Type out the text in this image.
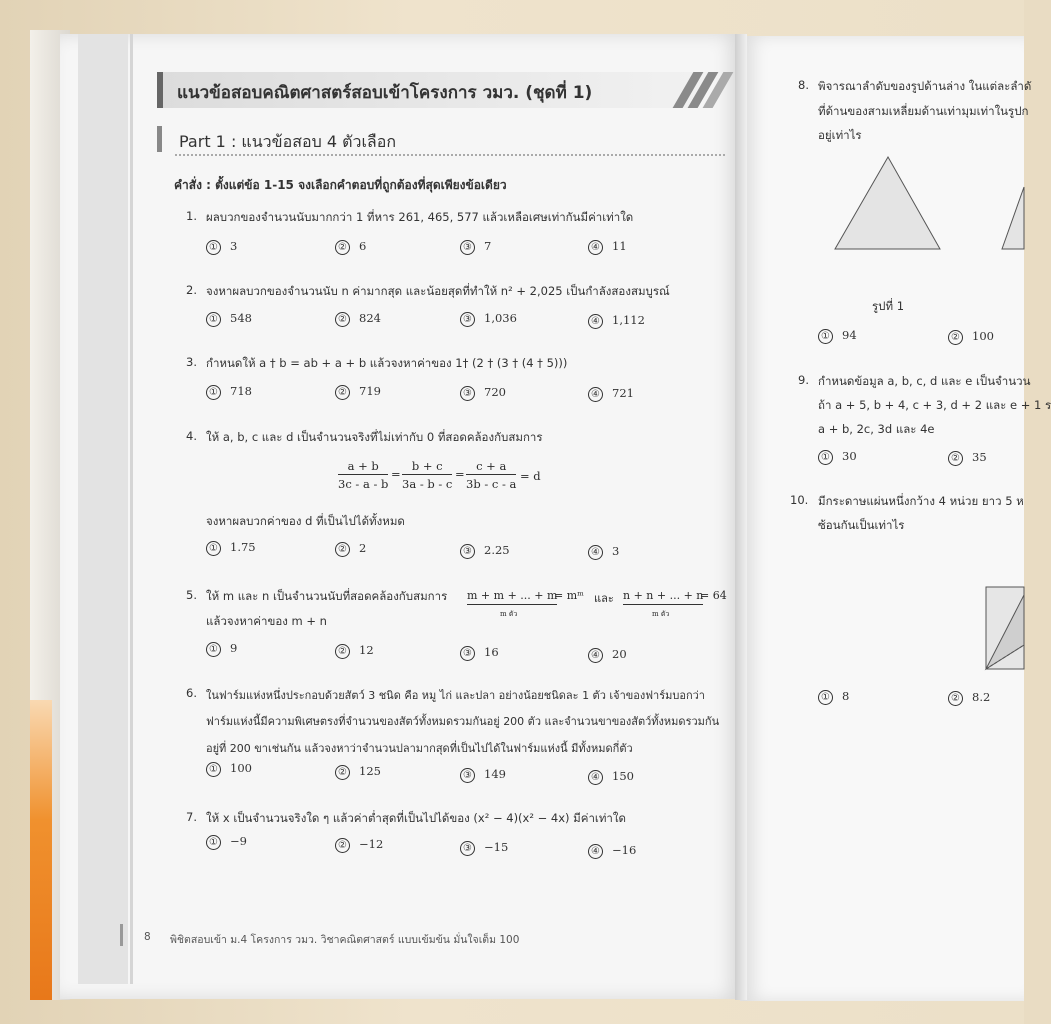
แนวข้อสอบคณิตศาสตร์สอบเข้าโครงการ วมว. (ชุดที่ 1)
Part 1 : แนวข้อสอบ 4 ตัวเลือก
คำสั่ง : ตั้งแต่ข้อ 1-15 จงเลือกคำตอบที่ถูกต้องที่สุดเพียงข้อเดียว
1. ผลบวกของจำนวนนับมากกว่า 1 ที่หาร 261, 465, 577 แล้วเหลือเศษเท่ากันมีค่าเท่าใด
① 3	② 6	③ 7	④ 11
2. จงหาผลบวกของจำนวนนับ n ค่ามากสุด และน้อยสุดที่ทำให้ n² + 2,025 เป็นกำลังสองสมบูรณ์
① 548	② 824	③ 1,036	④ 1,112
3. กำหนดให้ a † b = ab + a + b แล้วจงหาค่าของ 1† (2 † (3 † (4 † 5)))
① 718	② 719	③ 720	④ 721
4. ให้ a, b, c และ d เป็นจำนวนจริงที่ไม่เท่ากับ 0 ที่สอดคล้องกับสมการ
$\frac{a + b}{3c - a - b} = \frac{b + c}{3a - b - c} = \frac{c + a}{3b - c - a} = d$
จงหาผลบวกค่าของ d ที่เป็นไปได้ทั้งหมด
① 1.75	② 2	③ 2.25	④ 3
5. ให้ m และ n เป็นจำนวนนับที่สอดคล้องกับสมการ m + m + ... + m
m ตัว
= mᵐ และ n + n + ... + n
m ตัว
= 64
แล้วจงหาค่าของ m + n
① 9	② 12	③ 16	④ 20
6. ในฟาร์มแห่งหนึ่งประกอบด้วยสัตว์ 3 ชนิด คือ หมู ไก่ และปลา อย่างน้อยชนิดละ 1 ตัว เจ้าของฟาร์มบอกว่า
ฟาร์มแห่งนี้มีความพิเศษตรงที่จำนวนของสัตว์ทั้งหมดรวมกันอยู่ 200 ตัว และจำนวนขาของสัตว์ทั้งหมดรวมกัน
อยู่ที่ 200 ขาเช่นกัน แล้วจงหาว่าจำนวนปลามากสุดที่เป็นไปได้ในฟาร์มแห่งนี้ มีทั้งหมดกี่ตัว
① 100	② 125	③ 149	④ 150
7. ให้ x เป็นจำนวนจริงใด ๆ แล้วค่าต่ำสุดที่เป็นไปได้ของ (x² − 4)(x² − 4x) มีค่าเท่าใด
① −9	② −12	③ −15	④ −16
8 พิชิตสอบเข้า ม.4 โครงการ วมว. วิชาคณิตศาสตร์ แบบเข้มข้น มั่นใจเต็ม 100
8. พิจารณาลำดับของรูปด้านล่าง ในแต่ละลำดั
ที่ด้านของสามเหลี่ยมด้านเท่ามุมเท่าในรูปก
อยู่เท่าไร
รูปที่ 1
① 94	② 100
9. กำหนดข้อมูล a, b, c, d และ e เป็นจำนวน
ถ้า a + 5, b + 4, c + 3, d + 2 และ e + 1 ร
a + b, 2c, 3d และ 4e
① 30	② 35
10. มีกระดาษแผ่นหนึ่งกว้าง 4 หน่วย ยาว 5 ห
ซ้อนกันเป็นเท่าไร
① 8	② 8.2
